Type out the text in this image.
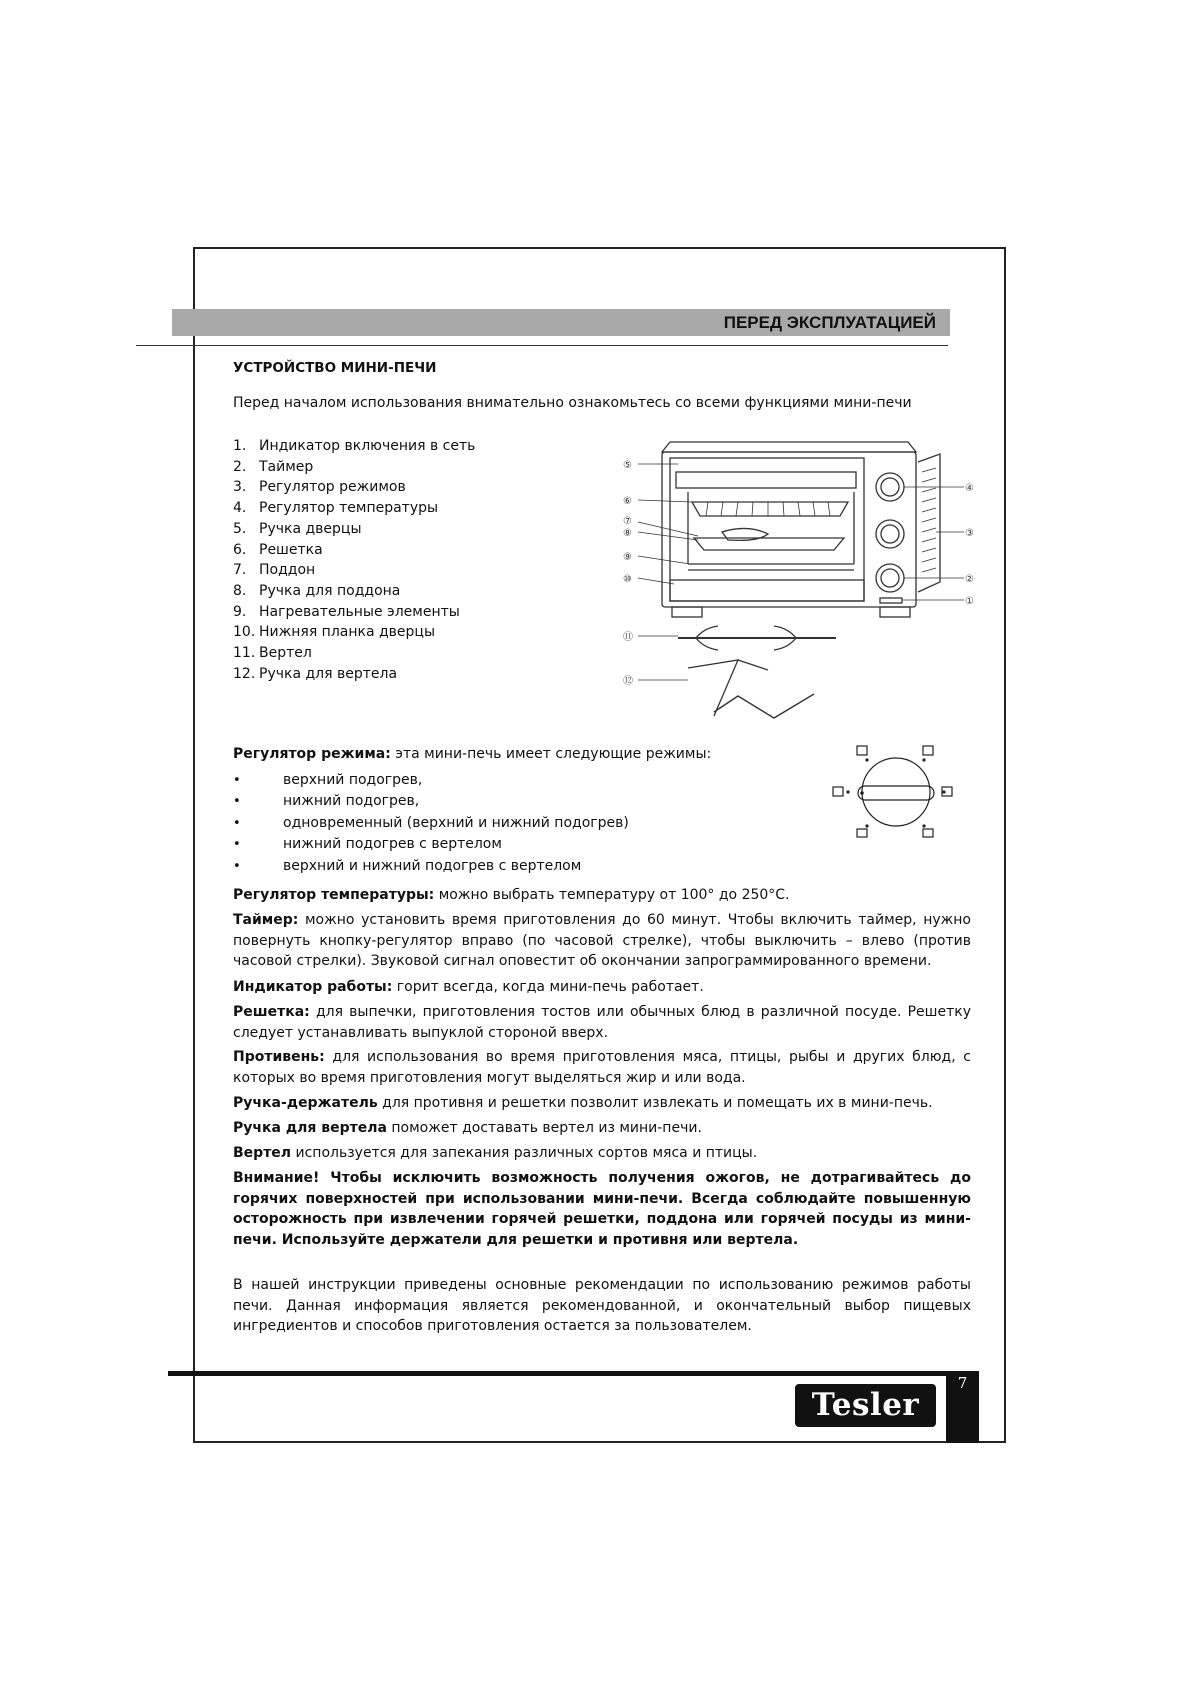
ПЕРЕД ЭКСПЛУАТАЦИЕЙ
УСТРОЙСТВО МИНИ-ПЕЧИ
Перед началом использования внимательно ознакомьтесь со всеми функциями мини-печи
1. Индикатор включения в сеть
2. Таймер
3. Регулятор режимов
4. Регулятор температуры
5. Ручка дверцы
6. Решетка
7. Поддон
8. Ручка для поддона
9. Нагревательные элементы
10. Нижняя планка дверцы
11. Вертел
12. Ручка для вертела
⑤
⑥
⑦
⑧
⑨
⑩
④
③
②
①
⑪
⑫
Регулятор режима: эта мини-печь имеет следующие режимы:
•	верхний подогрев,
•	нижний подогрев,
•	одновременный (верхний и нижний подогрев)
•	нижний подогрев с вертелом
•	верхний и нижний подогрев с вертелом
Регулятор температуры: можно выбрать температуру от 100° до 250°С.
Таймер: можно установить время приготовления до 60 минут. Чтобы включить таймер, нужно повернуть кнопку-регулятор вправо (по часовой стрелке), чтобы выключить – влево (против часовой стрелки). Звуковой сигнал оповестит об окончании запрограммированного времени.
Индикатор работы: горит всегда, когда мини-печь работает.
Решетка: для выпечки, приготовления тостов или обычных блюд в различной посуде. Решетку следует устанавливать выпуклой стороной вверх.
Противень: для использования во время приготовления мяса, птицы, рыбы и других блюд, с которых во время приготовления могут выделяться жир и или вода.
Ручка-держатель для противня и решетки позволит извлекать и помещать их в мини-печь.
Ручка для вертела поможет доставать вертел из мини-печи.
Вертел используется для запекания различных сортов мяса и птицы.
Внимание! Чтобы исключить возможность получения ожогов, не дотрагивайтесь до горячих поверхностей при использовании мини-печи. Всегда соблюдайте повышенную осторожность при извлечении горячей решетки, поддона или горячей посуды из мини-печи. Используйте держатели для решетки и противня или вертела.
В нашей инструкции приведены основные рекомендации по использованию режимов работы печи. Данная информация является рекомендованной, и окончательный выбор пищевых ингредиентов и способов приготовления остается за пользователем.
7
Tesler
